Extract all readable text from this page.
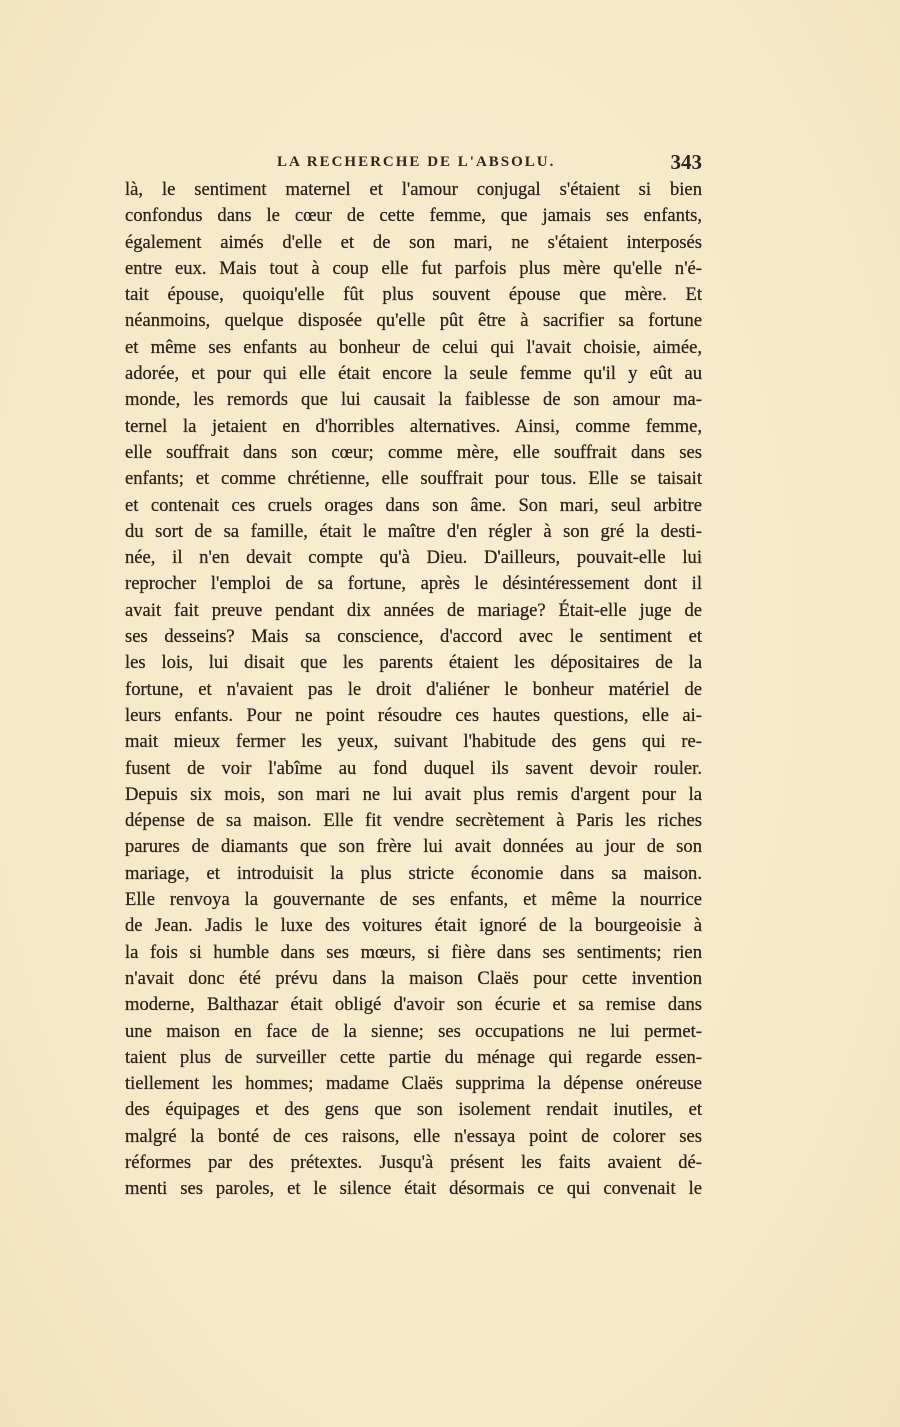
LA RECHERCHE DE L'ABSOLU.	343
là, le sentiment maternel et l'amour conjugal s'étaient si bien
confondus dans le cœur de cette femme, que jamais ses enfants,
également aimés d'elle et de son mari, ne s'étaient interposés
entre eux. Mais tout à coup elle fut parfois plus mère qu'elle n'é-
tait épouse, quoiqu'elle fût plus souvent épouse que mère. Et
néanmoins, quelque disposée qu'elle pût être à sacrifier sa fortune
et même ses enfants au bonheur de celui qui l'avait choisie, aimée,
adorée, et pour qui elle était encore la seule femme qu'il y eût au
monde, les remords que lui causait la faiblesse de son amour ma-
ternel la jetaient en d'horribles alternatives. Ainsi, comme femme,
elle souffrait dans son cœur; comme mère, elle souffrait dans ses
enfants; et comme chrétienne, elle souffrait pour tous. Elle se taisait
et contenait ces cruels orages dans son âme. Son mari, seul arbitre
du sort de sa famille, était le maître d'en régler à son gré la desti-
née, il n'en devait compte qu'à Dieu. D'ailleurs, pouvait-elle lui
reprocher l'emploi de sa fortune, après le désintéressement dont il
avait fait preuve pendant dix années de mariage? Était-elle juge de
ses desseins? Mais sa conscience, d'accord avec le sentiment et
les lois, lui disait que les parents étaient les dépositaires de la
fortune, et n'avaient pas le droit d'aliéner le bonheur matériel de
leurs enfants. Pour ne point résoudre ces hautes questions, elle ai-
mait mieux fermer les yeux, suivant l'habitude des gens qui re-
fusent de voir l'abîme au fond duquel ils savent devoir rouler.
Depuis six mois, son mari ne lui avait plus remis d'argent pour la
dépense de sa maison. Elle fit vendre secrètement à Paris les riches
parures de diamants que son frère lui avait données au jour de son
mariage, et introduisit la plus stricte économie dans sa maison.
Elle renvoya la gouvernante de ses enfants, et même la nourrice
de Jean. Jadis le luxe des voitures était ignoré de la bourgeoisie à
la fois si humble dans ses mœurs, si fière dans ses sentiments; rien
n'avait donc été prévu dans la maison Claës pour cette invention
moderne, Balthazar était obligé d'avoir son écurie et sa remise dans
une maison en face de la sienne; ses occupations ne lui permet-
taient plus de surveiller cette partie du ménage qui regarde essen-
tiellement les hommes; madame Claës supprima la dépense onéreuse
des équipages et des gens que son isolement rendait inutiles, et
malgré la bonté de ces raisons, elle n'essaya point de colorer ses
réformes par des prétextes. Jusqu'à présent les faits avaient dé-
menti ses paroles, et le silence était désormais ce qui convenait le
